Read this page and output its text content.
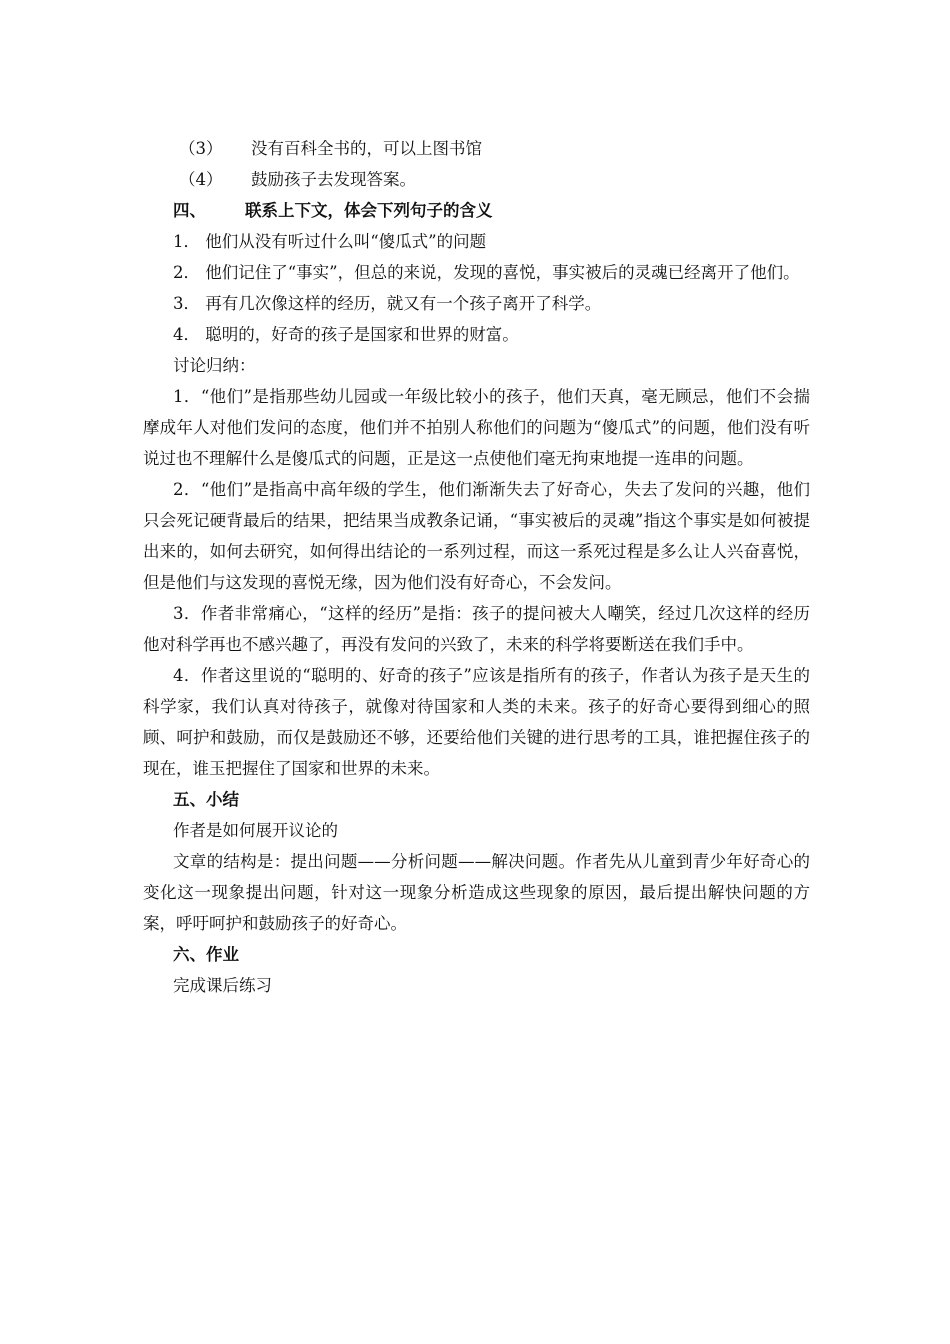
（3） 没有百科全书的，可以上图书馆
（4） 鼓励孩子去发现答案。
四、 联系上下文，体会下列句子的含义

1． 他们从没有听过什么叫“傻瓜式”的问题

2． 他们记住了“事实”，但总的来说，发现的喜悦，事实被后的灵魂已经离开了他们。

3． 再有几次像这样的经历，就又有一个孩子离开了科学。

4． 聪明的，好奇的孩子是国家和世界的财富。

讨论归纳：

1．“他们”是指那些幼儿园或一年级比较小的孩子，他们天真，毫无顾忌，他们不会揣摩成年人对他们发问的态度，他们并不拍别人称他们的问题为“傻瓜式”的问题，他们没有听说过也不理解什么是傻瓜式的问题，正是这一点使他们毫无拘束地提一连串的问题。

2．“他们”是指高中高年级的学生，他们渐渐失去了好奇心，失去了发问的兴趣，他们只会死记硬背最后的结果，把结果当成教条记诵，“事实被后的灵魂”指这个事实是如何被提出来的，如何去研究，如何得出结论的一系列过程，而这一系死过程是多么让人兴奋喜悦，但是他们与这发现的喜悦无缘，因为他们没有好奇心，不会发问。

3．作者非常痛心，“这样的经历”是指：孩子的提问被大人嘲笑，经过几次这样的经历他对科学再也不感兴趣了，再没有发问的兴致了，未来的科学将要断送在我们手中。

4．作者这里说的“聪明的、好奇的孩子”应该是指所有的孩子，作者认为孩子是天生的科学家，我们认真对待孩子，就像对待国家和人类的未来。孩子的好奇心要得到细心的照顾、呵护和鼓励，而仅是鼓励还不够，还要给他们关键的进行思考的工具，谁把握住孩子的现在，谁玉把握住了国家和世界的未来。

五、小结

作者是如何展开议论的

文章的结构是：提出问题——分析问题——解决问题。作者先从儿童到青少年好奇心的变化这一现象提出问题，针对这一现象分析造成这些现象的原因，最后提出解快问题的方案，呼吁呵护和鼓励孩子的好奇心。

六、作业

完成课后练习
